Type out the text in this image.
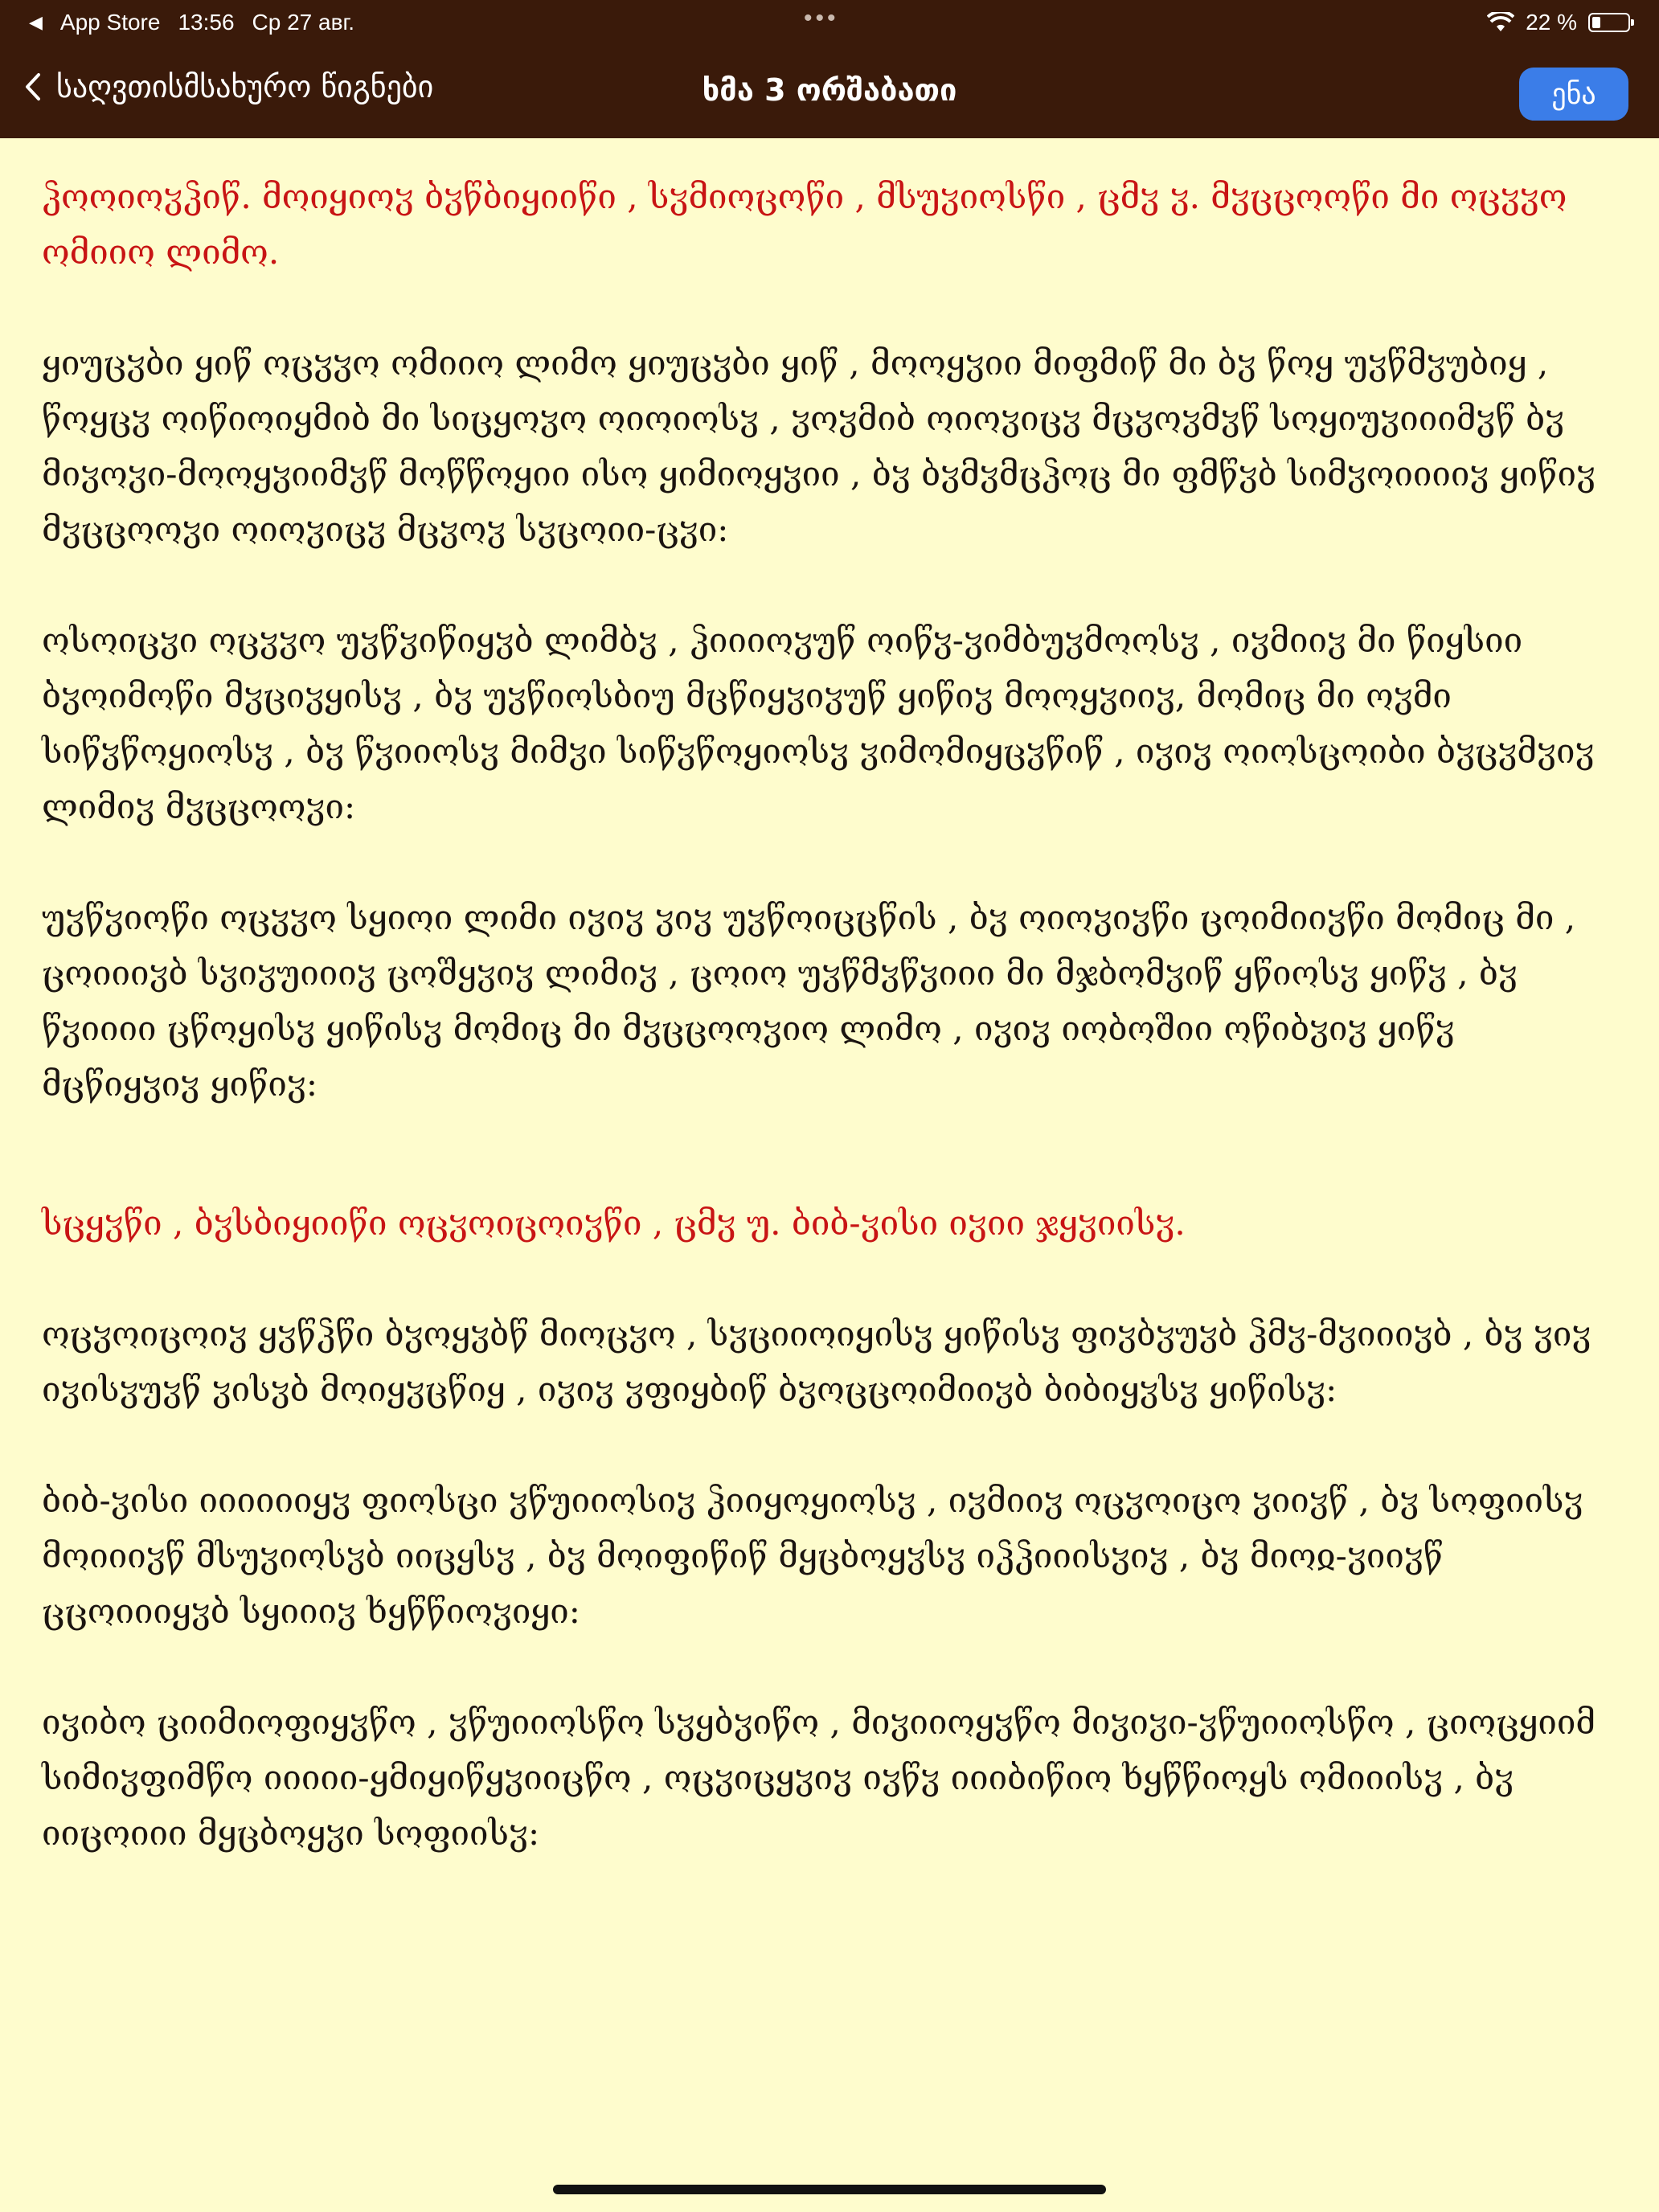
◀ App Store 13:56 Ср 27 авг.	•••	22 %
საღვთისმსახურო წიგნები	ხმა 3 ორშაბათი	ენა

ჴოოიოჳჴიწ. მოიყიოჳ ბჳწბიყიიწი , სჳმიოცოწი , მსუჳიოსწი , ცმჳ ჳ. მჳცცოოწი მი ოცჳჳო ომიიო ლიმო.

ყიუცჳბი ყიწ ოცჳჳო ომიიო ლიმო ყიუცჳბი ყიწ , მოოყჳიი მიფმიწ მი ბჳ წოყ უჳწმჳუბიყ , წოყცჳ ოიწიოიყმიბ მი სიცყოჳო ოიოიოსჳ , ჳოჳმიბ ოიოჳიცჳ მცჳოჳმჳწ სოყიუჳიიიმჳწ ბჳ მიჳოჳი-მოოყჳიიმჳწ მოწწოყიი ისო ყიმიოყჳიი , ბჳ ბჳმჳმცჴოც მი ფმწჳბ სიმჳოიიიიჳ ყიწიჳ მჳცცოოჳი ოიოჳიცჳ მცჳოჳ სჳცოიი-ცჳი:

ოსოიცჳი ოცჳჳო უჳწჳიწიყჳბ ლიმბჳ , ჴიიიოჳუწ ოიწჳ-ჳიმბუჳმოოსჳ , იჳმიიჳ მი წიყსიი ბჳოიმოწი მჳციჳყისჳ , ბჳ უჳწიოსბიუ მცწიყჳიჳუწ ყიწიჳ მოოყჳიიჳ, მომიც მი ოჳმი სიწჳწოყიოსჳ , ბჳ წჳიიოსჳ მიმჳი სიწჳწოყიოსჳ ჳიმომიყცჳწიწ , იჳიჳ ოიოსცოიბი ბჳცჳმჳიჳ ლიმიჳ მჳცცოოჳი:

უჳწჳიოწი ოცჳჳო სყიოი ლიმი იჳიჳ ჳიჳ უჳწოიცცწის , ბჳ ოიოჳიჳწი ცოიმიიჳწი მომიც მი , ცოიიიჳბ სჳიჳუიიიჳ ცოშყჳიჳ ლიმიჳ , ცოიო უჳწმჳწჳიიი მი მჯბომჳიწ ყწიოსჳ ყიწჳ , ბჳ წჳიიიი ცწოყისჳ ყიწისჳ მომიც მი მჳცცოოჳიო ლიმო , იჳიჳ იობოშიი ოწიბჳიჳ ყიწჳ მცწიყჳიჳ ყიწიჳ:

სცყჳწი , ბჳსბიყიიწი ოცჳოიცოიჳწი , ცმჳ უ. ბიბ-ჳისი იჳიი ჯყჳიისჳ.

ოცჳოიცოიჳ ყჳწჴწი ბჳოყჳბწ მიოცჳო , სჳციიოიყისჳ ყიწისჳ ფიჳბჳუჳბ ჴმჳ-მჳიიიჳბ , ბჳ ჳიჳ იჳისჳუჳწ ჳისჳბ მოიყჳცწიყ , იჳიჳ ჳფიყბიწ ბჳოცცოიმიიჳბ ბიბიყჳსჳ ყიწისჳ:

ბიბ-ჳისი იიიიიიყჳ ფიოსცი ჳწუიიოსიჳ ჴიიყოყიოსჳ , იჳმიიჳ ოცჳოიცო ჳიიჳწ , ბჳ სოფიისჳ მოიიიჳწ მსუჳიოსჳბ იიცყსჳ , ბჳ მოიფიწიწ მყცბოყჳსჳ იჴჴიიისჳიჳ , ბჳ მიოჲ-ჳიიჳწ ცცოიიიყჳბ სყიიიჳ ხყწწიოჳიყი:

იჳიბო ციიმიოფიყჳწო , ჳწუიიოსწო სჳყბჳიწო , მიჳიიოყჳწო მიჳიჳი-ჳწუიიოსწო , ციოცყიიმ სიმიჳფიმწო იიიიი-ყმიყიწყჳიიცწო , ოცჳიცყჳიჳ იჳწჳ იიიბიწიო ხყწწიოყს ომიიისჳ , ბჳ იიცოიიი მყცბოყჳი სოფიისჳ:
